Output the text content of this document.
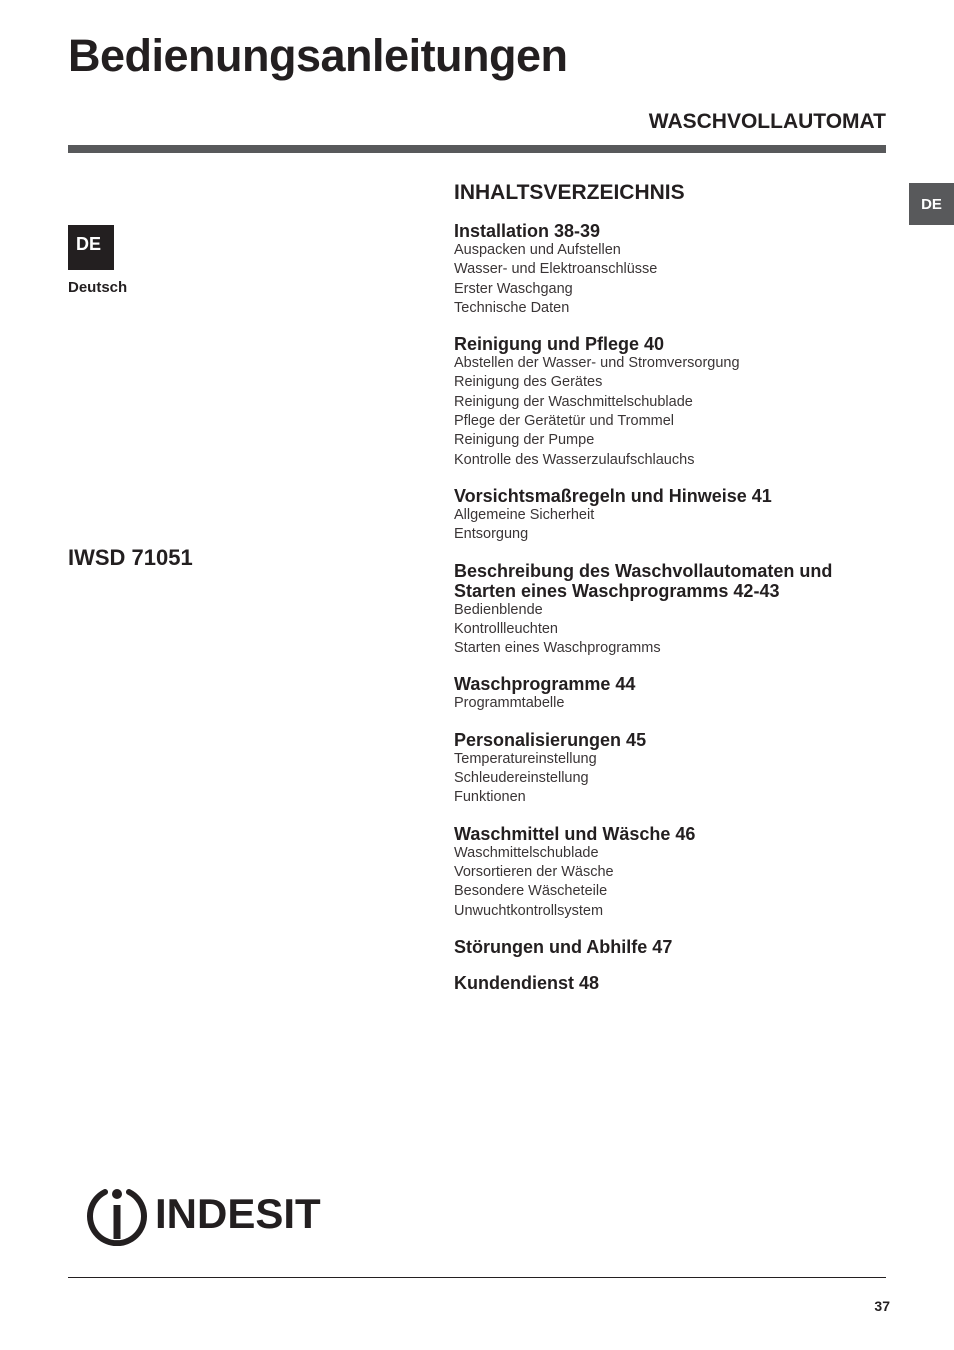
Bedienungsanleitungen
WASCHVOLLAUTOMAT
DE
DE
Deutsch
IWSD 71051
INHALTSVERZEICHNIS
Installation 38-39
Auspacken und Aufstellen
Wasser- und Elektroanschlüsse
Erster Waschgang
Technische Daten
Reinigung und Pflege 40
Abstellen der Wasser- und Stromversorgung
Reinigung des Gerätes
Reinigung der Waschmittelschublade
Pflege der Gerätetür und Trommel
Reinigung der Pumpe
Kontrolle des Wasserzulaufschlauchs
Vorsichtsmaßregeln und Hinweise 41
Allgemeine Sicherheit
Entsorgung
Beschreibung des Waschvollautomaten und Starten eines Waschprogramms 42-43
Bedienblende
Kontrollleuchten
Starten eines Waschprogramms
Waschprogramme 44
Programmtabelle
Personalisierungen 45
Temperatureinstellung
Schleudereinstellung
Funktionen
Waschmittel und Wäsche 46
Waschmittelschublade
Vorsortieren der Wäsche
Besondere Wäscheteile
Unwuchtkontrollsystem
Störungen und Abhilfe 47
Kundendienst 48
INDESIT
37
